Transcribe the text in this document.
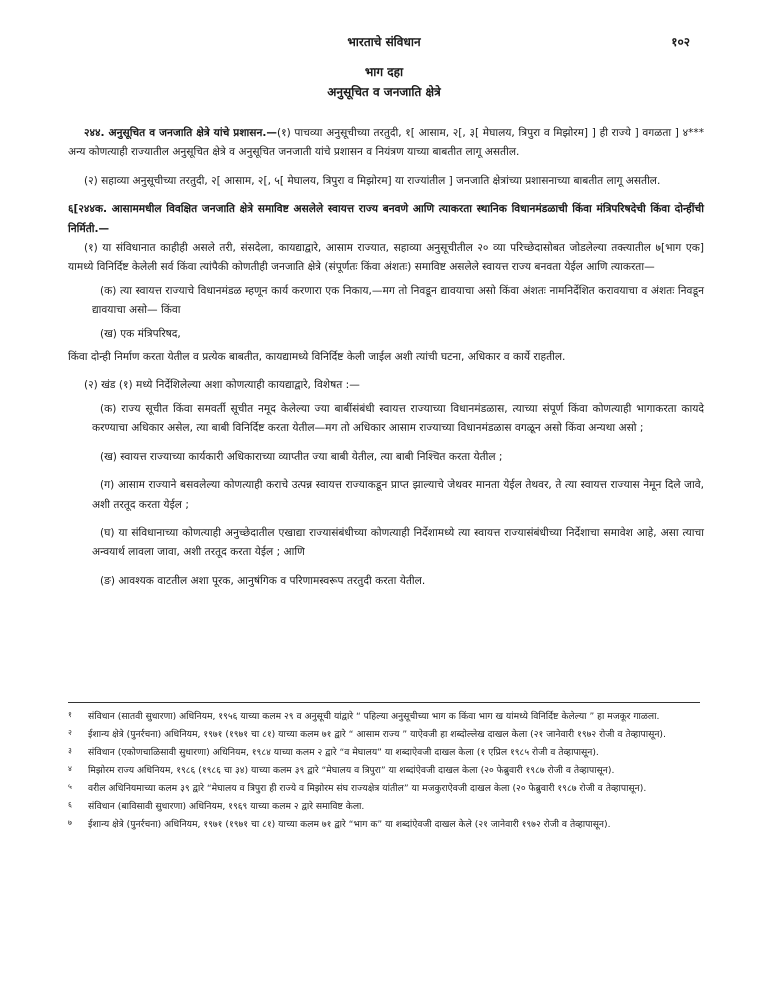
भारताचे संविधान	१०२
भाग दहा
अनुसूचित व जनजाति क्षेत्रे

२४४. अनुसूचित व जनजाति क्षेत्रे यांचे प्रशासन.—(१) पाचव्या अनुसूचीच्या तरतुदी, १[ आसाम, २[, ३[ मेघालय, त्रिपुरा व मिझोरम] ] ही राज्ये ] वगळता ] ४*** अन्य कोणत्याही राज्यातील अनुसूचित क्षेत्रे व अनुसूचित जनजाती यांचे प्रशासन व नियंत्रण याच्या बाबतीत लागू असतील.

(२) सहाव्या अनुसूचीच्या तरतुदी, २[ आसाम, २[, ५[ मेघालय, त्रिपुरा व मिझोरम] या राज्यांतील ] जनजाति क्षेत्रांच्या प्रशासनाच्या बाबतीत लागू असतील.

६[२४४क. आसाममधील विवक्षित जनजाति क्षेत्रे समाविष्ट असलेले स्वायत्त राज्य बनवणे आणि त्याकरता स्थानिक विधानमंडळाची किंवा मंत्रिपरिषदेची किंवा दोन्हींची निर्मिती.—

(१) या संविधानात काहीही असले तरी, संसदेला, कायद्याद्वारे, आसाम राज्यात, सहाव्या अनुसूचीतील २० व्या परिच्छेदासोबत जोडलेल्या तक्त्यातील ७[भाग एक] यामध्ये विनिर्दिष्ट केलेली सर्व किंवा त्यांपैकी कोणतीही जनजाति क्षेत्रे (संपूर्णतः किंवा अंशतः) समाविष्ट असलेले स्वायत्त राज्य बनवता येईल आणि त्याकरता—

(क) त्या स्वायत्त राज्याचे विधानमंडळ म्हणून कार्य करणारा एक निकाय,—मग तो निवडून द्यावयाचा असो किंवा अंशतः नामनिर्देशित करावयाचा व अंशतः निवडून द्यावयाचा असो— किंवा

(ख) एक मंत्रिपरिषद,

किंवा दोन्ही निर्माण करता येतील व प्रत्येक बाबतीत, कायद्यामध्ये विनिर्दिष्ट केली जाईल अशी त्यांची घटना, अधिकार व कार्ये राहतील.

(२) खंड (१) मध्ये निर्देशिलेल्या अशा कोणत्याही कायद्याद्वारे, विशेषत :—

(क) राज्य सूचीत किंवा समवर्ती सूचीत नमूद केलेल्या ज्या बाबींसंबंधी स्वायत्त राज्याच्या विधानमंडळास, त्याच्या संपूर्ण किंवा कोणत्याही भागाकरता कायदे करण्याचा अधिकार असेल, त्या बाबी विनिर्दिष्ट करता येतील—मग तो अधिकार आसाम राज्याच्या विधानमंडळास वगळून असो किंवा अन्यथा असो ;

(ख) स्वायत्त राज्याच्या कार्यकारी अधिकाराच्या व्याप्तीत ज्या बाबी येतील, त्या बाबी निश्चित करता येतील ;

(ग) आसाम राज्याने बसवलेल्या कोणत्याही कराचे उत्पन्न स्वायत्त राज्याकडून प्राप्त झाल्याचे जेथवर मानता येईल तेथवर, ते त्या स्वायत्त राज्यास नेमून दिले जावे, अशी तरतूद करता येईल ;

(घ) या संविधानाच्या कोणत्याही अनुच्छेदातील एखाद्या राज्यासंबंधीच्या कोणत्याही निर्देशामध्ये त्या स्वायत्त राज्यासंबंधीच्या निर्देशाचा समावेश आहे, असा त्याचा अन्वयार्थ लावला जावा, अशी तरतूद करता येईल ; आणि

(ङ) आवश्यक वाटतील अशा पूरक, आनुषंगिक व परिणामस्वरूप तरतुदी करता येतील.

१ संविधान (सातवी सुधारणा) अधिनियम, १९५६ याच्या कलम २९ व अनुसूची यांद्वारे “ पहिल्या अनुसूचीच्या भाग क किंवा भाग ख यांमध्ये विनिर्दिष्ट केलेल्या ” हा मजकूर गाळला.
२ ईशान्य क्षेत्रे (पुनर्रचना) अधिनियम, १९७१ (१९७१ चा ८१) याच्या कलम ७१ द्वारे “ आसाम राज्य ” याऐवजी हा शब्दोल्लेख दाखल केला (२१ जानेवारी १९७२ रोजी व तेव्हापासून).
३ संविधान (एकोणचाळिसावी सुधारणा) अधिनियम, १९८४ याच्या कलम २ द्वारे “व मेघालय” या शब्दाऐवजी दाखल केला (१ एप्रिल १९८५ रोजी व तेव्हापासून).
४ मिझोरम राज्य अधिनियम, १९८६ (१९८६ चा ३४) याच्या कलम ३९ द्वारे “मेघालय व त्रिपुरा” या शब्दांऐवजी दाखल केला (२० फेब्रुवारी १९८७ रोजी व तेव्हापासून).
५ वरील अधिनियमाच्या कलम ३९ द्वारे “मेघालय व त्रिपुरा ही राज्ये व मिझोरम संघ राज्यक्षेत्र यांतील” या मजकुराऐवजी दाखल केला (२० फेब्रुवारी १९८७ रोजी व तेव्हापासून).
६ संविधान (बाविसावी सुधारणा) अधिनियम, १९६९ याच्या कलम २ द्वारे समाविष्ट केला.
७ ईशान्य क्षेत्रे (पुनर्रचना) अधिनियम, १९७१ (१९७१ चा ८१) याच्या कलम ७१ द्वारे “भाग क” या शब्दांऐवजी दाखल केले (२१ जानेवारी १९७२ रोजी व तेव्हापासून).
